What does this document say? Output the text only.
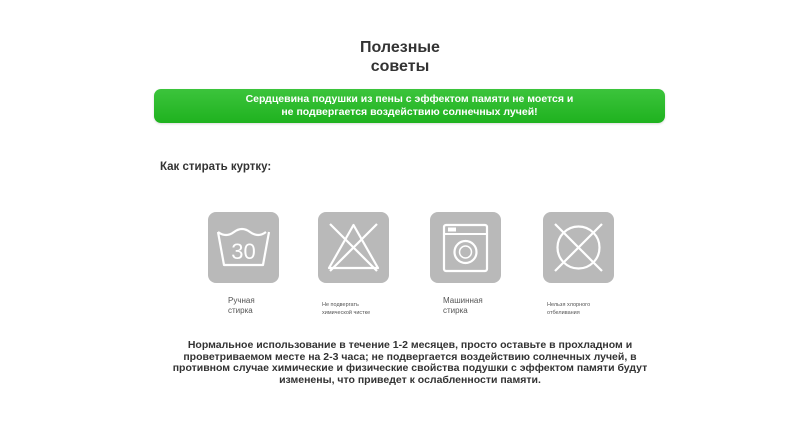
Полезные
советы
Сердцевина подушки из пены с эффектом памяти не моется и
не подвергается воздействию солнечных лучей!
Как стирать куртку:
30
Ручная
стирка
Не подвергать
химической чистке
Машинная
стирка
Нельзя хлорного
отбеливания
Нормальное использование в течение 1-2 месяцев, просто оставьте в прохладном и
проветриваемом месте на 2-3 часа; не подвергается воздействию солнечных лучей, в
противном случае химические и физические свойства подушки с эффектом памяти будут
изменены, что приведет к ослабленности памяти.
